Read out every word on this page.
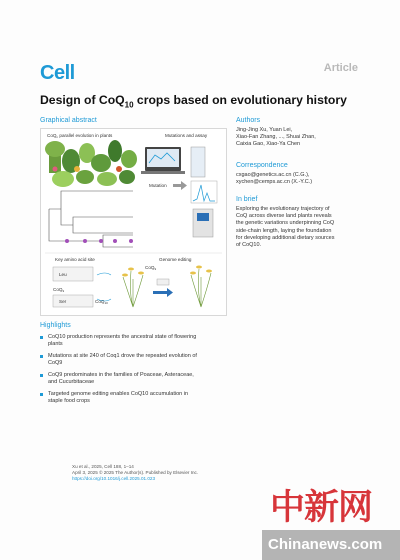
Cell	Article
Design of CoQ$_{10}$ crops based on evolutionary history
Graphical abstract
CoQ$_n$ parallel evolution in plants	Mutations and assay
Mutation
Key amino acid site	Genome editing
Leu
CoQ$_9$
Ser	CoQ$_{10}$
CoQ$_9$
Authors
Jing-Jing Xu, Yuan Lei,
Xiao-Fan Zhang, ..., Shuai Zhan,
Caixia Gao, Xiao-Ya Chen
Correspondence
cxgao@genetics.ac.cn (C.G.),
xychen@cemps.ac.cn (X.-Y.C.)
In brief
Exploring the evolutionary trajectory of
CoQ across diverse land plants reveals
the genetic variations underpinning CoQ
side-chain length, laying the foundation
for developing additional dietary sources
of CoQ10.
Highlights
CoQ10 production represents the ancestral state of flowering
plants
Mutations at site 240 of Coq1 drove the repeated evolution of
CoQ9
CoQ9 predominates in the families of Poaceae, Asteraceae,
and Cucurbitaceae
Targeted genome editing enables CoQ10 accumulation in
staple food crops
Xu et al., 2025, Cell 188, 1–14
April 3, 2025 © 2025 The Author(s). Published by Elsevier Inc.
https://doi.org/10.1016/j.cell.2025.01.023
中新网
Chinanews.com
